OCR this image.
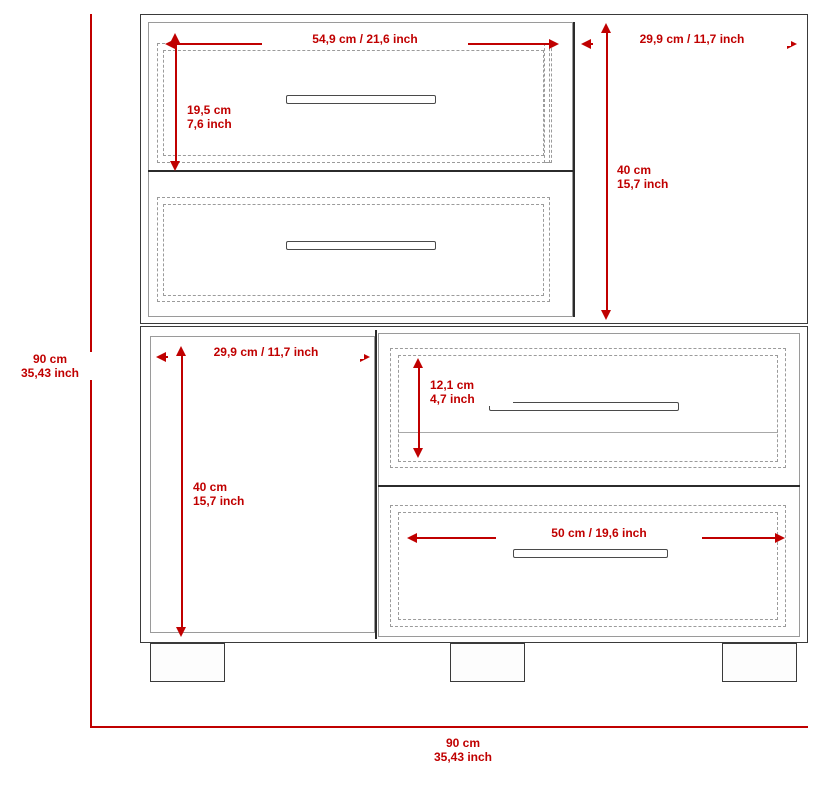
54,9 cm / 21,6 inch
19,5 cm
7,6 inch
29,9 cm / 11,7 inch
40 cm
15,7 inch
29,9 cm / 11,7 inch
40 cm
15,7 inch
12,1 cm
4,7 inch
50 cm / 19,6 inch
90 cm
35,43 inch
90 cm
35,43 inch
